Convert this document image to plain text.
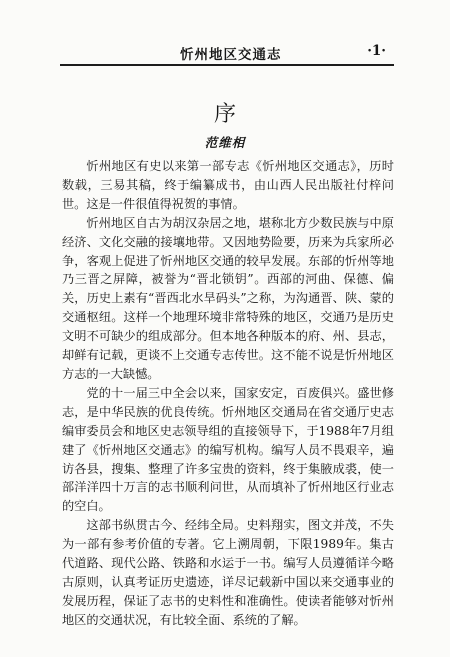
忻州地区交通志	·1·
序
范维相

忻州地区有史以来第一部专志《忻州地区交通志》，历时数载，三易其稿，终于编纂成书，由山西人民出版社付梓问世。这是一件很值得祝贺的事情。

忻州地区自古为胡汉杂居之地，堪称北方少数民族与中原经济、文化交融的接壤地带。又因地势险要，历来为兵家所必争，客观上促进了忻州地区交通的较早发展。东部的忻州等地乃三晋之屏障，被誉为“晋北锁钥”。西部的河曲、保德、偏关，历史上素有“晋西北水旱码头”之称，为沟通晋、陕、蒙的交通枢纽。这样一个地理环境非常特殊的地区，交通乃是历史文明不可缺少的组成部分。但本地各种版本的府、州、县志，却鲜有记载，更谈不上交通专志传世。这不能不说是忻州地区方志的一大缺憾。

党的十一届三中全会以来，国家安定，百废俱兴。盛世修志，是中华民族的优良传统。忻州地区交通局在省交通厅史志编审委员会和地区史志领导组的直接领导下，于1988年7月组建了《忻州地区交通志》的编写机构。编写人员不畏艰辛，遍访各县，搜集、整理了许多宝贵的资料，终于集腋成裘，使一部洋洋四十万言的志书顺利问世，从而填补了忻州地区行业志的空白。

这部书纵贯古今、经纬全局。史料翔实，图文并茂，不失为一部有参考价值的专著。它上溯周朝，下限1989年。集古代道路、现代公路、铁路和水运于一书。编写人员遵循详今略古原则，认真考证历史遗迹，详尽记载新中国以来交通事业的发展历程，保证了志书的史料性和准确性。使读者能够对忻州地区的交通状况，有比较全面、系统的了解。
